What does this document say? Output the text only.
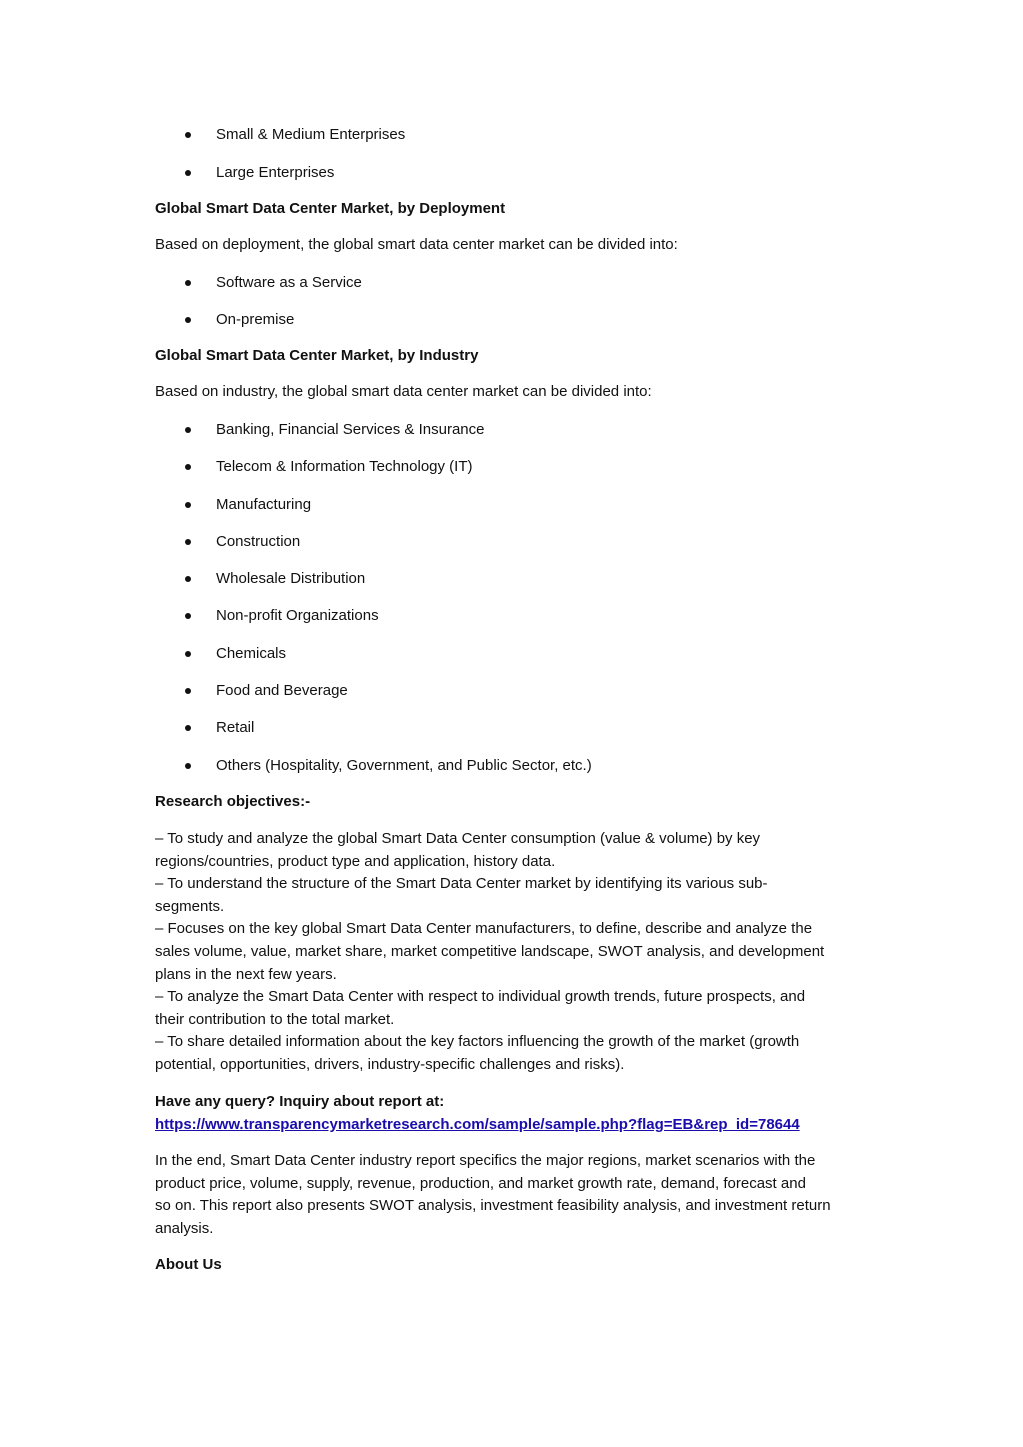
Small & Medium Enterprises
Large Enterprises
Global Smart Data Center Market, by Deployment
Based on deployment, the global smart data center market can be divided into:
Software as a Service
On-premise
Global Smart Data Center Market, by Industry
Based on industry, the global smart data center market can be divided into:
Banking, Financial Services & Insurance
Telecom & Information Technology (IT)
Manufacturing
Construction
Wholesale Distribution
Non-profit Organizations
Chemicals
Food and Beverage
Retail
Others (Hospitality, Government, and Public Sector, etc.)
Research objectives:-
– To study and analyze the global Smart Data Center consumption (value & volume) by key
regions/countries, product type and application, history data.
– To understand the structure of the Smart Data Center market by identifying its various sub-
segments.
– Focuses on the key global Smart Data Center manufacturers, to define, describe and analyze the
sales volume, value, market share, market competitive landscape, SWOT analysis, and development
plans in the next few years.
– To analyze the Smart Data Center with respect to individual growth trends, future prospects, and
their contribution to the total market.
– To share detailed information about the key factors influencing the growth of the market (growth
potential, opportunities, drivers, industry-specific challenges and risks).
Have any query? Inquiry about report at:
https://www.transparencymarketresearch.com/sample/sample.php?flag=EB&rep_id=78644
In the end, Smart Data Center industry report specifics the major regions, market scenarios with the
product price, volume, supply, revenue, production, and market growth rate, demand, forecast and
so on. This report also presents SWOT analysis, investment feasibility analysis, and investment return
analysis.
About Us
